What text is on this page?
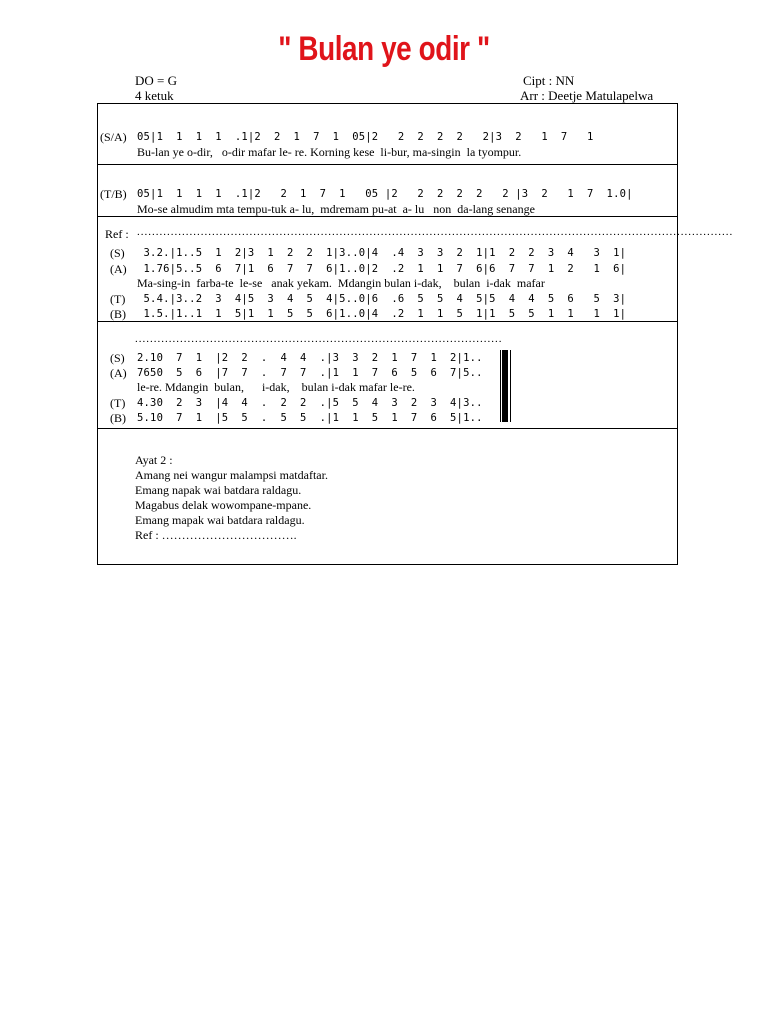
" Bulan ye odir "
DO = G
4 ketuk
Cipt : NN
Arr : Deetje Matulapelwa
(S/A) 05|1  1  1  1  .1|2  2  1  7  1  05|2   2  2  2  2   2|3  2   1  7   1
Bu-lan ye o-dir,   o-dir mafar le- re. Korning kese  li-bur, ma-singin  la tyompur.
(T/B) 05|1  1  1  1  .1|2   2  1  7  1   05 |2   2  2  2  2   2 |3  2   1  7  1.0|
Mo-se almudim mta tempu-tuk a- lu,  mdremam pu-at  a- lu   non  da-lang senange
Ref : ...............................................................................................................................................................
(S) 3.2.|1..5  1  2|3  1  2  2  1|3..0|4  .4  3  3  2  1|1  2  2  3  4   3  1|
(A) 1.76|5..5  6  7|1  6  7  7  6|1..0|2  .2  1  1  7  6|6  7  7  1  2   1  6|
Ma-sing-in  farba-te  le-se   anak yekam.  Mdangin bulan i-dak,    bulan  i-dak  mafar
(T) 5.4.|3..2  3  4|5  3  4  5  4|5..0|6  .6  5  5  4  5|5  4  4  5  6   5  3|
(B) 1.5.|1..1  1  5|1  1  5  5  6|1..0|4  .2  1  1  5  1|1  5  5  1  1   1  1|
..................................................................................................
(S) 2.10  7  1  |2  2  .  4  4  .|3  3  2  1  7  1  2|1..
(A) 7650  5  6  |7  7  .  7  7  .|1  1  7  6  5  6  7|5..
le-re. Mdangin  bulan,      i-dak,    bulan i-dak mafar le-re.
(T) 4.30  2  3  |4  4  .  2  2  .|5  5  4  3  2  3  4|3..
(B) 5.10  7  1  |5  5  .  5  5  .|1  1  5  1  7  6  5|1..
Ayat 2 :
Amang nei wangur malampsi matdaftar.
Emang napak wai batdara raldagu.
Magabus delak wowompane-mpane.
Emang mapak wai batdara raldagu.
Ref : …………………………….
